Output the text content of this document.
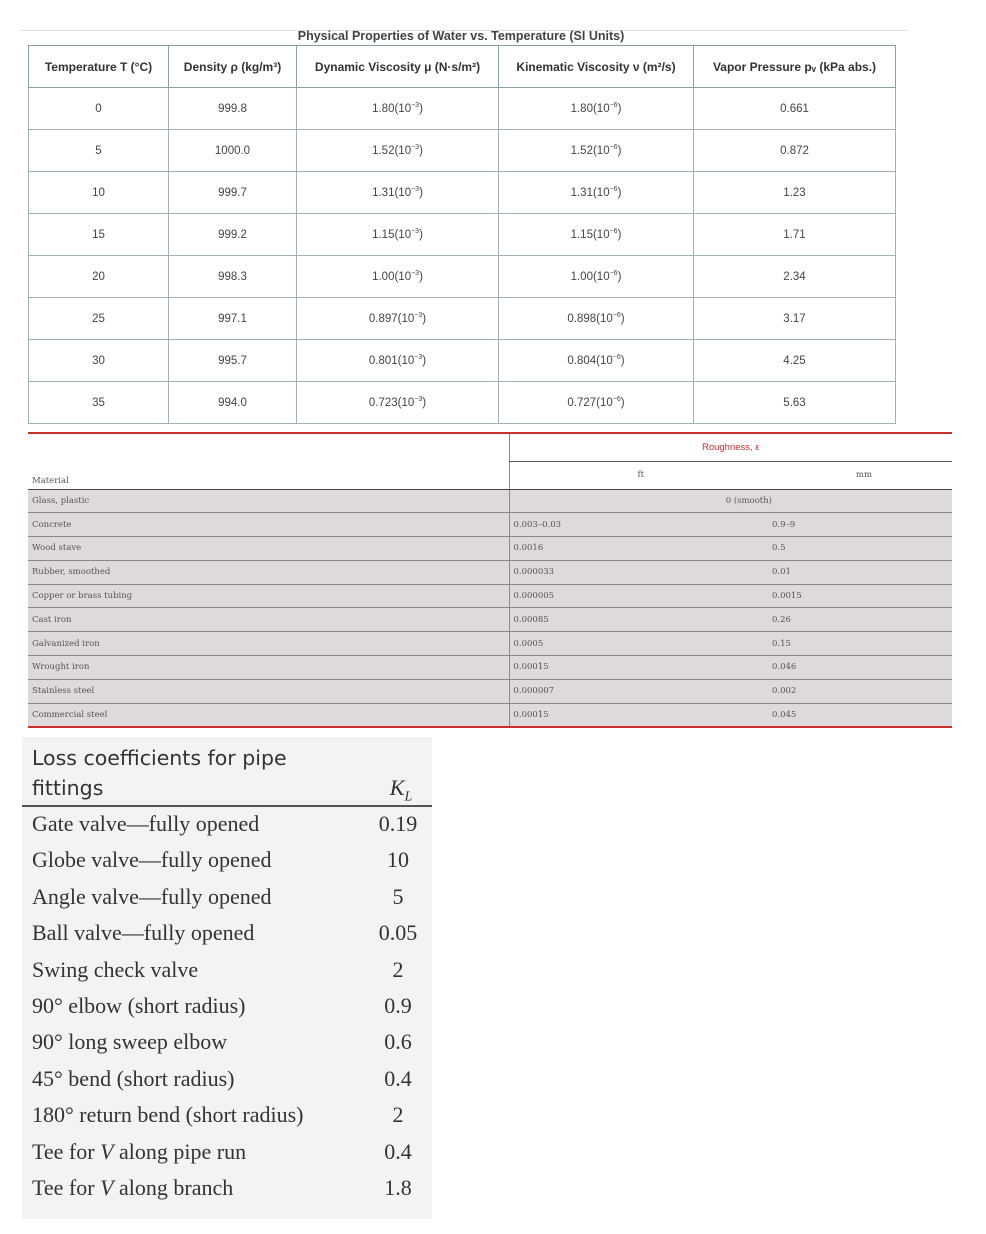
Physical Properties of Water vs. Temperature (SI Units)
Temperature T (°C)	Density ρ (kg/m³)	Dynamic Viscosity μ (N·s/m²)	Kinematic Viscosity ν (m²/s)	Vapor Pressure pᵥ (kPa abs.)
0	999.8	$1.80(10^{-3})$	$1.80(10^{-6})$	0.661
5	1000.0	$1.52(10^{-3})$	$1.52(10^{-6})$	0.872
10	999.7	$1.31(10^{-3})$	$1.31(10^{-6})$	1.23
15	999.2	$1.15(10^{-3})$	$1.15(10^{-6})$	1.71
20	998.3	$1.00(10^{-3})$	$1.00(10^{-6})$	2.34
25	997.1	$0.897(10^{-3})$	$0.898(10^{-6})$	3.17
30	995.7	$0.801(10^{-3})$	$0.804(10^{-6})$	4.25
35	994.0	$0.723(10^{-3})$	$0.727(10^{-6})$	5.63
	Roughness, ε	
Material	ft	mm
Glass, plastic	0 (smooth)	
Concrete	0.003–0.03	0.9–9
Wood stave	0.0016	0.5
Rubber, smoothed	0.000033	0.01
Copper or brass tubing	0.000005	0.0015
Cast iron	0.00085	0.26
Galvanized iron	0.0005	0.15
Wrought iron	0.00015	0.046
Stainless steel	0.000007	0.002
Commercial steel	0.00015	0.045
Loss coefficients for pipe fittings	$K_L$
Gate valve—fully opened	0.19
Globe valve—fully opened	10
Angle valve—fully opened	5
Ball valve—fully opened	0.05
Swing check valve	2
90° elbow (short radius)	0.9
90° long sweep elbow	0.6
45° bend (short radius)	0.4
180° return bend (short radius)	2
Tee for V along pipe run	0.4
Tee for V along branch	1.8
